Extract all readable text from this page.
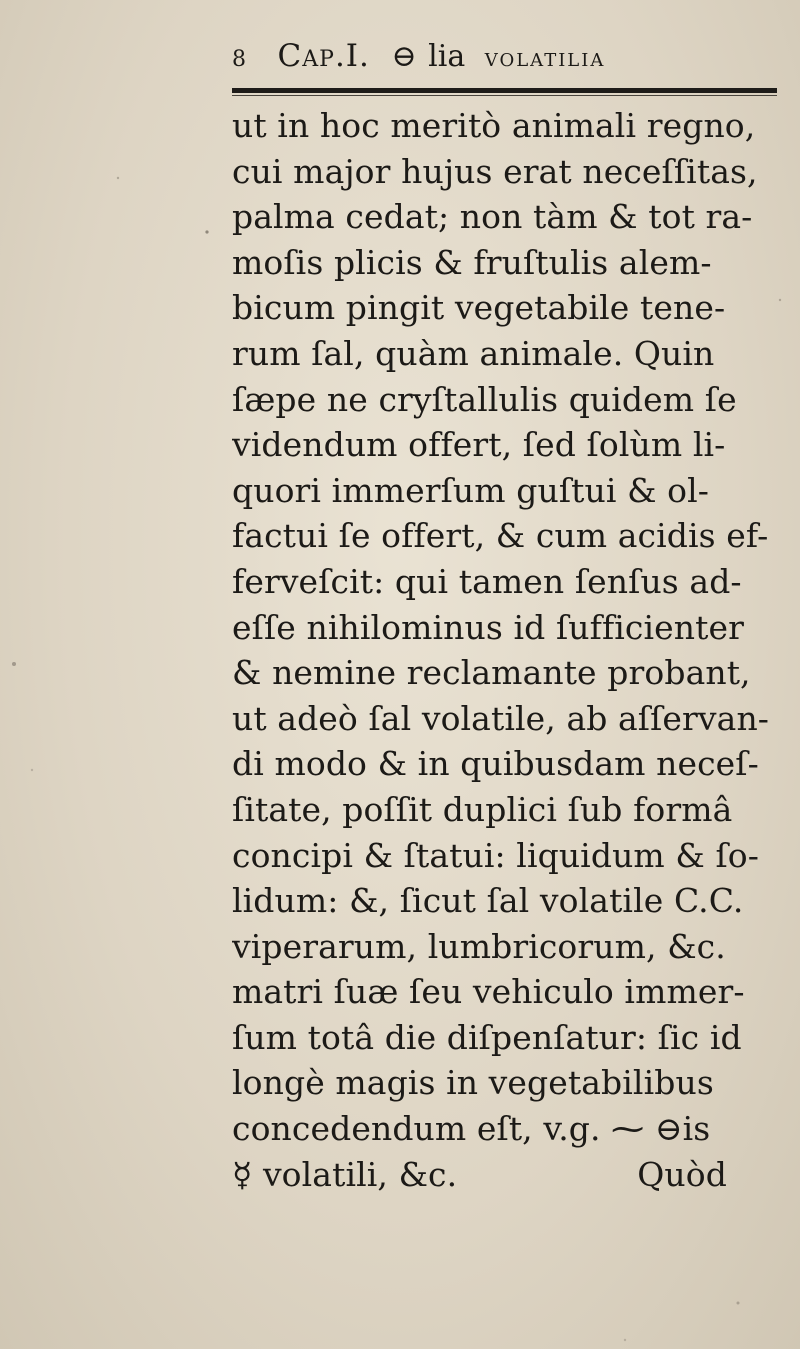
8 Cap.I. ⊖ lia volatilia
ut in hoc meritò animali regno,
cui major hujus erat neceſſitas,
palma cedat; non tàm & tot ra-
moſis plicis & fruſtulis alem-
bicum pingit vegetabile tene-
rum ſal, quàm animale. Quin
ſæpe ne cryſtallulis quidem ſe
videndum offert, ſed ſolùm li-
quori immerſum guſtui & ol-
factui ſe offert, & cum acidis ef-
ferveſcit: qui tamen ſenſus ad-
eſſe nihilominus id ſufficienter
& nemine reclamante probant,
ut adeò ſal volatile, ab aſſervan-
di modo & in quibusdam neceſ-
ſitate, poſſit duplici ſub formâ
concipi & ſtatui: liquidum & ſo-
lidum: &, ſicut ſal volatile C.C.
viperarum, lumbricorum, &c.
matri ſuæ ſeu vehiculo immer-
ſum totâ die diſpenſatur: ſic id
longè magis in vegetabilibus
concedendum eſt, v.g. ⁓ ⊖is
☿ volatili, &c.                 Quòd
